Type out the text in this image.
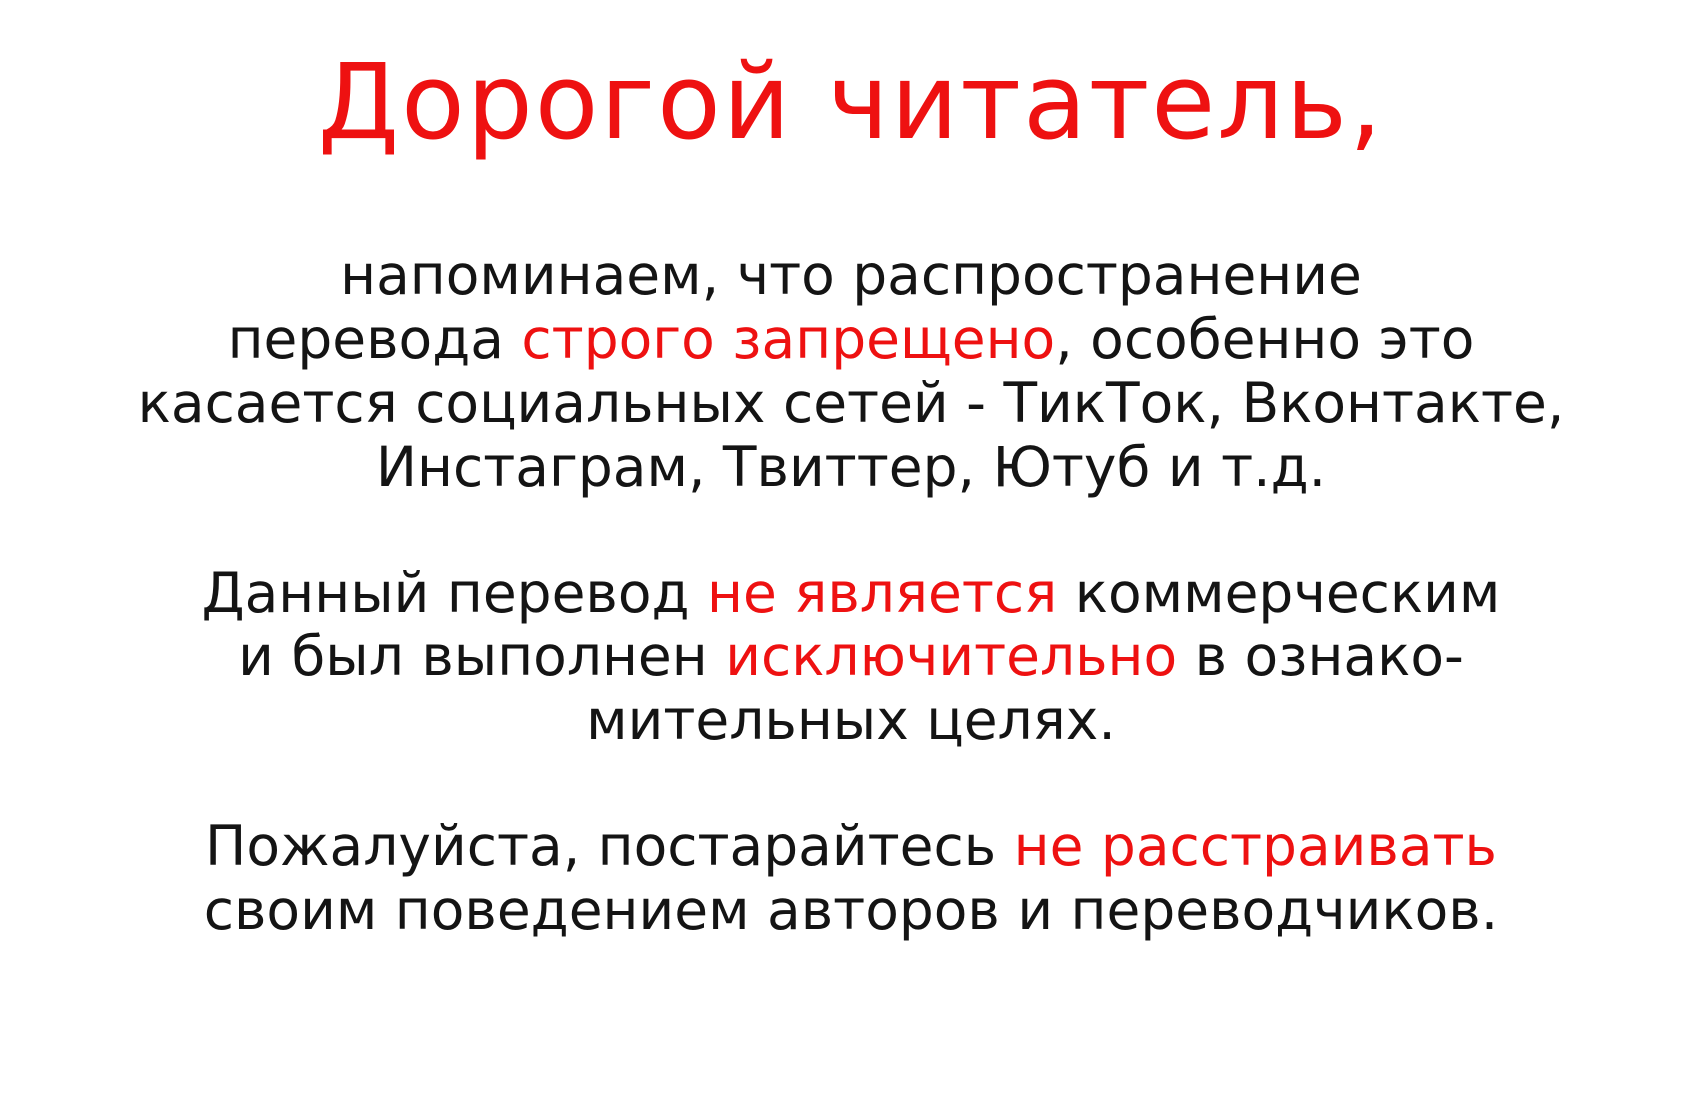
Дорогой читатель,

напоминаем, что распространение
перевода строго запрещено, особенно это
касается социальных сетей - ТикТок, Вконтакте,
Инстаграм, Твиттер, Ютуб и т.д.

Данный перевод не является коммерческим
и был выполнен исключительно в ознако-
мительных целях.

Пожалуйста, постарайтесь не расстраивать
своим поведением авторов и переводчиков.
